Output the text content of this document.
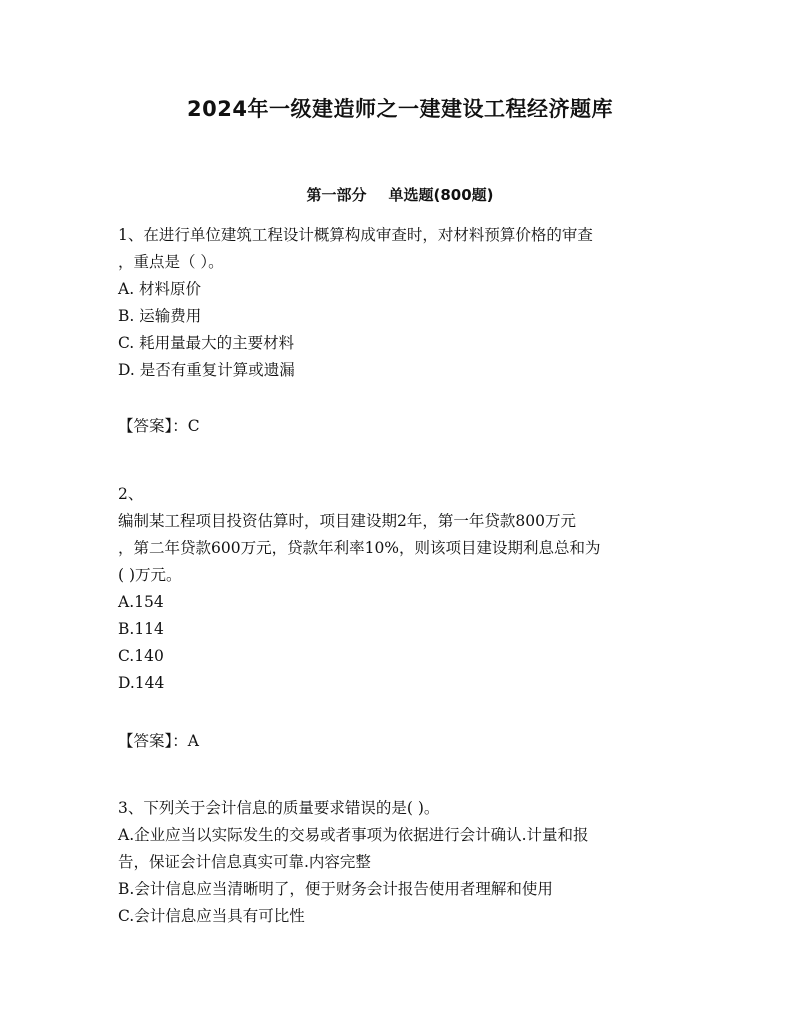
2024年一级建造师之一建建设工程经济题库
第一部分 单选题(800题)
1、在进行单位建筑工程设计概算构成审查时，对材料预算价格的审查
，重点是（ ）。
A. 材料原价
B. 运输费用
C. 耗用量最大的主要材料
D. 是否有重复计算或遗漏
【答案】：C
2、
编制某工程项目投资估算时，项目建设期2年，第一年贷款800万元
，第二年贷款600万元，贷款年利率10%，则该项目建设期利息总和为
( )万元。
A.154
B.114
C.140
D.144
【答案】：A
3、下列关于会计信息的质量要求错误的是( )。
A.企业应当以实际发生的交易或者事项为依据进行会计确认.计量和报
告，保证会计信息真实可靠.内容完整
B.会计信息应当清晰明了，便于财务会计报告使用者理解和使用
C.会计信息应当具有可比性
